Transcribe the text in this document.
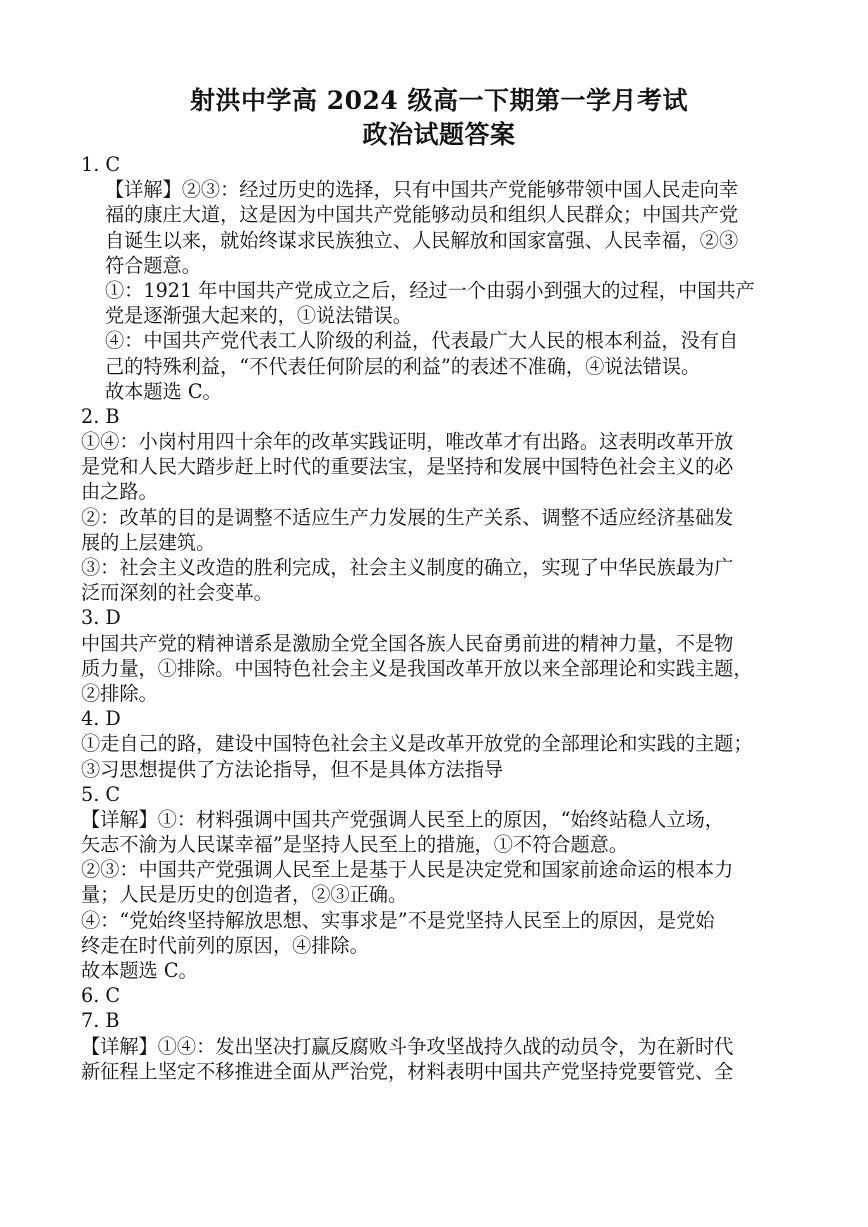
射洪中学高 2024 级高一下期第一学月考试
政治试题答案
1. C
【详解】②③：经过历史的选择，只有中国共产党能够带领中国人民走向幸
福的康庄大道，这是因为中国共产党能够动员和组织人民群众；中国共产党
自诞生以来，就始终谋求民族独立、人民解放和国家富强、人民幸福，②③
符合题意。
①：1921 年中国共产党成立之后，经过一个由弱小到强大的过程，中国共产
党是逐渐强大起来的，①说法错误。
④：中国共产党代表工人阶级的利益，代表最广大人民的根本利益，没有自
己的特殊利益，“不代表任何阶层的利益”的表述不准确，④说法错误。
故本题选 C。
2. B
①④：小岗村用四十余年的改革实践证明，唯改革才有出路。这表明改革开放
是党和人民大踏步赶上时代的重要法宝，是坚持和发展中国特色社会主义的必
由之路。
②：改革的目的是调整不适应生产力发展的生产关系、调整不适应经济基础发
展的上层建筑。
③：社会主义改造的胜利完成，社会主义制度的确立，实现了中华民族最为广
泛而深刻的社会变革。
3. D
中国共产党的精神谱系是激励全党全国各族人民奋勇前进的精神力量，不是物
质力量，①排除。中国特色社会主义是我国改革开放以来全部理论和实践主题，
②排除。
4. D
①走自己的路，建设中国特色社会主义是改革开放党的全部理论和实践的主题；
③习思想提供了方法论指导，但不是具体方法指导
5. C
【详解】①：材料强调中国共产党强调人民至上的原因，“始终站稳人立场，
矢志不渝为人民谋幸福”是坚持人民至上的措施，①不符合题意。
②③：中国共产党强调人民至上是基于人民是决定党和国家前途命运的根本力
量；人民是历史的创造者，②③正确。
④：“党始终坚持解放思想、实事求是”不是党坚持人民至上的原因，是党始
终走在时代前列的原因，④排除。
故本题选 C。
6. C
7. B
【详解】①④：发出坚决打赢反腐败斗争攻坚战持久战的动员令，为在新时代
新征程上坚定不移推进全面从严治党，材料表明中国共产党坚持党要管党、全
